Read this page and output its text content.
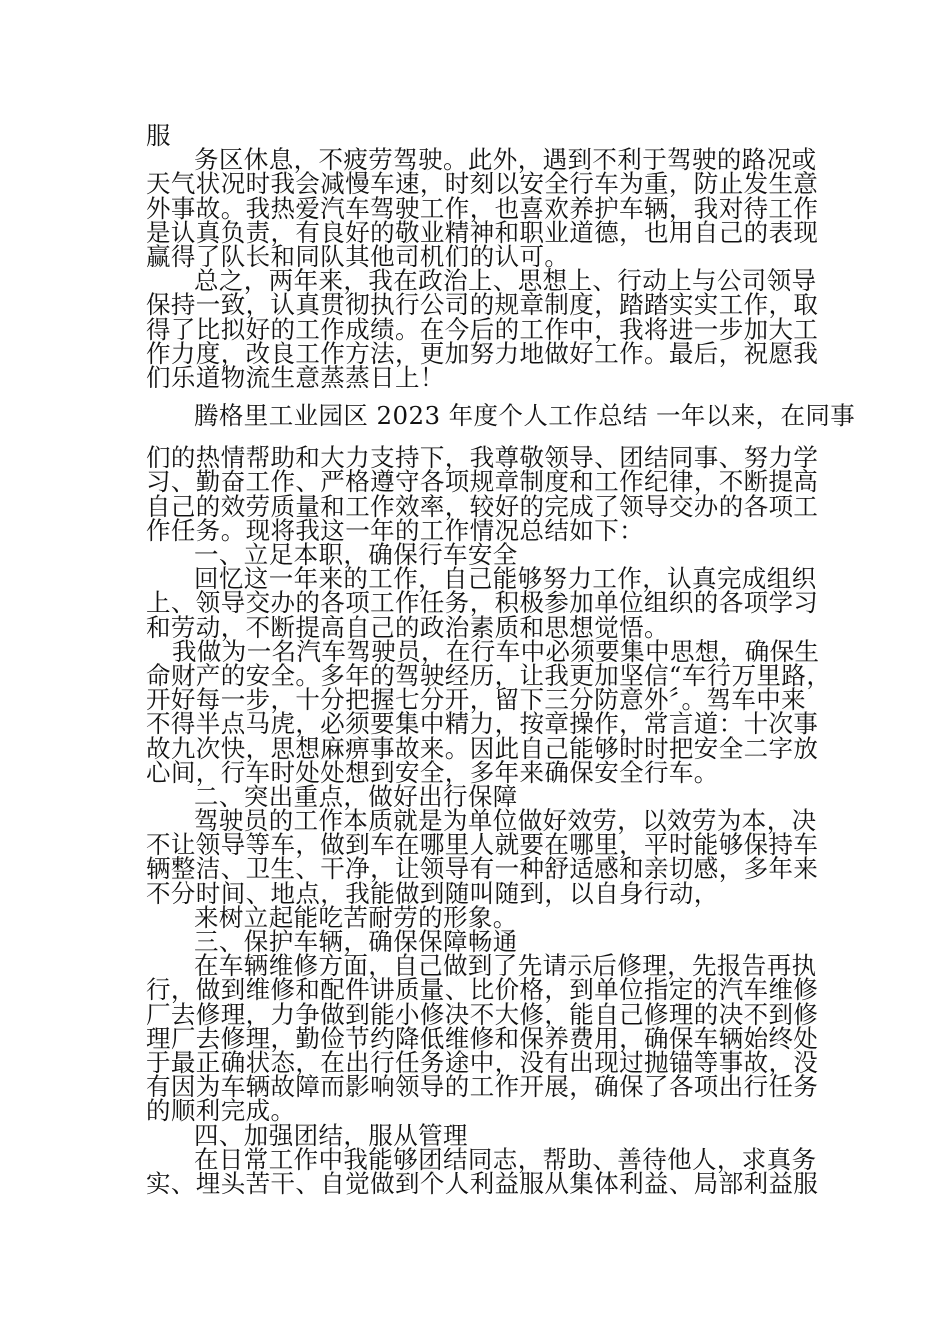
服
务区休息，不疲劳驾驶。此外，遇到不利于驾驶的路况或
天气状况时我会减慢车速，时刻以安全行车为重，防止发生意
外事故。我热爱汽车驾驶工作，也喜欢养护车辆，我对待工作
是认真负责，有良好的敬业精神和职业道德，也用自己的表现
赢得了队长和同队其他司机们的认可。
总之，两年来，我在政治上、思想上、行动上与公司领导
保持一致，认真贯彻执行公司的规章制度，踏踏实实工作，取
得了比拟好的工作成绩。在今后的工作中，我将进一步加大工
作力度，改良工作方法，更加努力地做好工作。最后，祝愿我
们乐道物流生意蒸蒸日上！
腾格里工业园区 2023 年度个人工作总结 一年以来，在同事
们的热情帮助和大力支持下，我尊敬领导、团结同事、努力学
习、勤奋工作、严格遵守各项规章制度和工作纪律，不断提高
自己的效劳质量和工作效率，较好的完成了领导交办的各项工
作任务。现将我这一年的工作情况总结如下：
一、立足本职，确保行车安全
回忆这一年来的工作，自己能够努力工作，认真完成组织
上、领导交办的各项工作任务，积极参加单位组织的各项学习
和劳动，不断提高自己的政治素质和思想觉悟。
我做为一名汽车驾驶员，在行车中必须要集中思想，确保生
命财产的安全。多年的驾驶经历，让我更加坚信“车行万里路，
开好每一步，十分把握七分开，留下三分防意外〞。驾车中来
不得半点马虎，必须要集中精力，按章操作，常言道：十次事
故九次快，思想麻痹事故来。因此自己能够时时把安全二字放
心间，行车时处处想到安全，多年来确保安全行车。
二、突出重点，做好出行保障
驾驶员的工作本质就是为单位做好效劳，以效劳为本，决
不让领导等车，做到车在哪里人就要在哪里，平时能够保持车
辆整洁、卫生、干净，让领导有一种舒适感和亲切感，多年来
不分时间、地点，我能做到随叫随到，以自身行动，
来树立起能吃苦耐劳的形象。
三、保护车辆，确保保障畅通
在车辆维修方面，自己做到了先请示后修理，先报告再执
行，做到维修和配件讲质量、比价格，到单位指定的汽车维修
厂去修理，力争做到能小修决不大修，能自己修理的决不到修
理厂去修理，勤俭节约降低维修和保养费用，确保车辆始终处
于最正确状态，在出行任务途中，没有出现过抛锚等事故，没
有因为车辆故障而影响领导的工作开展，确保了各项出行任务
的顺利完成。
四、加强团结，服从管理
在日常工作中我能够团结同志，帮助、善待他人，求真务
实、埋头苦干、自觉做到个人利益服从集体利益、局部利益服
